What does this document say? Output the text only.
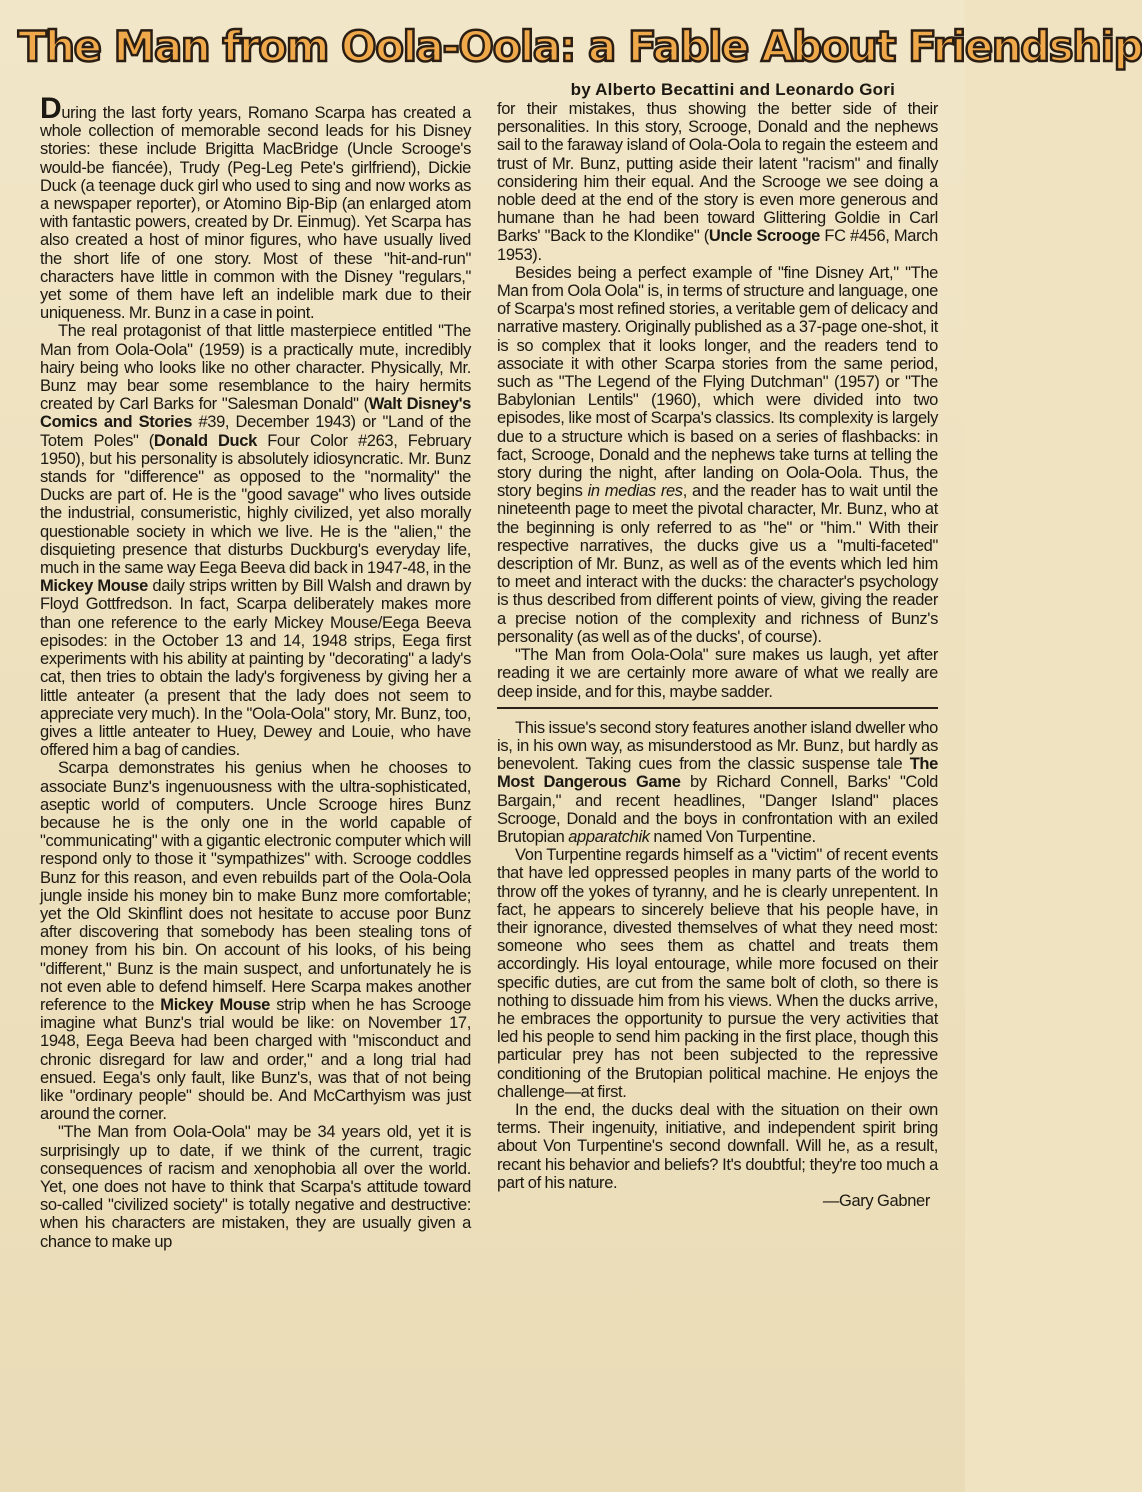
The Man from Oola-Oola: a Fable About Friendship
by Alberto Becattini and Leonardo Gori

During the last forty years, Romano Scarpa has created a whole collection of memorable second leads for his Disney stories: these include Brigitta MacBridge (Uncle Scrooge's would-be fiancée), Trudy (Peg-Leg Pete's girlfriend), Dickie Duck (a teenage duck girl who used to sing and now works as a newspaper reporter), or Atomino Bip-Bip (an enlarged atom with fantastic powers, created by Dr. Einmug). Yet Scarpa has also created a host of minor figures, who have usually lived the short life of one story. Most of these "hit-and-run" characters have little in common with the Disney "regulars," yet some of them have left an indelible mark due to their uniqueness. Mr. Bunz in a case in point.

The real protagonist of that little masterpiece entitled "The Man from Oola-Oola" (1959) is a practically mute, incredibly hairy being who looks like no other character. Physically, Mr. Bunz may bear some resemblance to the hairy hermits created by Carl Barks for "Salesman Donald" (Walt Disney's Comics and Stories #39, December 1943) or "Land of the Totem Poles" (Donald Duck Four Color #263, February 1950), but his personality is absolutely idiosyncratic. Mr. Bunz stands for "difference" as opposed to the "normality" the Ducks are part of. He is the "good savage" who lives outside the industrial, consumeristic, highly civilized, yet also morally questionable society in which we live. He is the "alien," the disquieting presence that disturbs Duckburg's everyday life, much in the same way Eega Beeva did back in 1947-48, in the Mickey Mouse daily strips written by Bill Walsh and drawn by Floyd Gottfredson. In fact, Scarpa deliberately makes more than one reference to the early Mickey Mouse/Eega Beeva episodes: in the October 13 and 14, 1948 strips, Eega first experiments with his ability at painting by "decorating" a lady's cat, then tries to obtain the lady's forgiveness by giving her a little anteater (a present that the lady does not seem to appreciate very much). In the "Oola-Oola" story, Mr. Bunz, too, gives a little anteater to Huey, Dewey and Louie, who have offered him a bag of candies.

Scarpa demonstrates his genius when he chooses to associate Bunz's ingenuousness with the ultra-sophisticated, aseptic world of computers. Uncle Scrooge hires Bunz because he is the only one in the world capable of "communicating" with a gigantic electronic computer which will respond only to those it "sympathizes" with. Scrooge coddles Bunz for this reason, and even rebuilds part of the Oola-Oola jungle inside his money bin to make Bunz more comfortable; yet the Old Skinflint does not hesitate to accuse poor Bunz after discovering that somebody has been stealing tons of money from his bin. On account of his looks, of his being "different," Bunz is the main suspect, and unfortunately he is not even able to defend himself. Here Scarpa makes another reference to the Mickey Mouse strip when he has Scrooge imagine what Bunz's trial would be like: on November 17, 1948, Eega Beeva had been charged with "misconduct and chronic disregard for law and order," and a long trial had ensued. Eega's only fault, like Bunz's, was that of not being like "ordinary people" should be. And McCarthyism was just around the corner.

"The Man from Oola-Oola" may be 34 years old, yet it is surprisingly up to date, if we think of the current, tragic consequences of racism and xenophobia all over the world. Yet, one does not have to think that Scarpa's attitude toward so-called "civilized society" is totally negative and destructive: when his characters are mistaken, they are usually given a chance to make up

for their mistakes, thus showing the better side of their personalities. In this story, Scrooge, Donald and the nephews sail to the faraway island of Oola-Oola to regain the esteem and trust of Mr. Bunz, putting aside their latent "racism" and finally considering him their equal. And the Scrooge we see doing a noble deed at the end of the story is even more generous and humane than he had been toward Glittering Goldie in Carl Barks' "Back to the Klondike" (Uncle Scrooge FC #456, March 1953).

Besides being a perfect example of "fine Disney Art," "The Man from Oola Oola" is, in terms of structure and language, one of Scarpa's most refined stories, a veritable gem of delicacy and narrative mastery. Originally published as a 37-page one-shot, it is so complex that it looks longer, and the readers tend to associate it with other Scarpa stories from the same period, such as "The Legend of the Flying Dutchman" (1957) or "The Babylonian Lentils" (1960), which were divided into two episodes, like most of Scarpa's classics. Its complexity is largely due to a structure which is based on a series of flashbacks: in fact, Scrooge, Donald and the nephews take turns at telling the story during the night, after landing on Oola-Oola. Thus, the story begins in medias res, and the reader has to wait until the nineteenth page to meet the pivotal character, Mr. Bunz, who at the beginning is only referred to as "he" or "him." With their respective narratives, the ducks give us a "multi-faceted" description of Mr. Bunz, as well as of the events which led him to meet and interact with the ducks: the character's psychology is thus described from different points of view, giving the reader a precise notion of the complexity and richness of Bunz's personality (as well as of the ducks', of course).

"The Man from Oola-Oola" sure makes us laugh, yet after reading it we are certainly more aware of what we really are deep inside, and for this, maybe sadder.

This issue's second story features another island dweller who is, in his own way, as misunderstood as Mr. Bunz, but hardly as benevolent. Taking cues from the classic suspense tale The Most Dangerous Game by Richard Connell, Barks' "Cold Bargain," and recent headlines, "Danger Island" places Scrooge, Donald and the boys in confrontation with an exiled Brutopian apparatchik named Von Turpentine.

Von Turpentine regards himself as a "victim" of recent events that have led oppressed peoples in many parts of the world to throw off the yokes of tyranny, and he is clearly unrepentent. In fact, he appears to sincerely believe that his people have, in their ignorance, divested themselves of what they need most: someone who sees them as chattel and treats them accordingly. His loyal entourage, while more focused on their specific duties, are cut from the same bolt of cloth, so there is nothing to dissuade him from his views. When the ducks arrive, he embraces the opportunity to pursue the very activities that led his people to send him packing in the first place, though this particular prey has not been subjected to the repressive conditioning of the Brutopian political machine. He enjoys the challenge—at first.

In the end, the ducks deal with the situation on their own terms. Their ingenuity, initiative, and independent spirit bring about Von Turpentine's second downfall. Will he, as a result, recant his behavior and beliefs? It's doubtful; they're too much a part of his nature.

—Gary Gabner
